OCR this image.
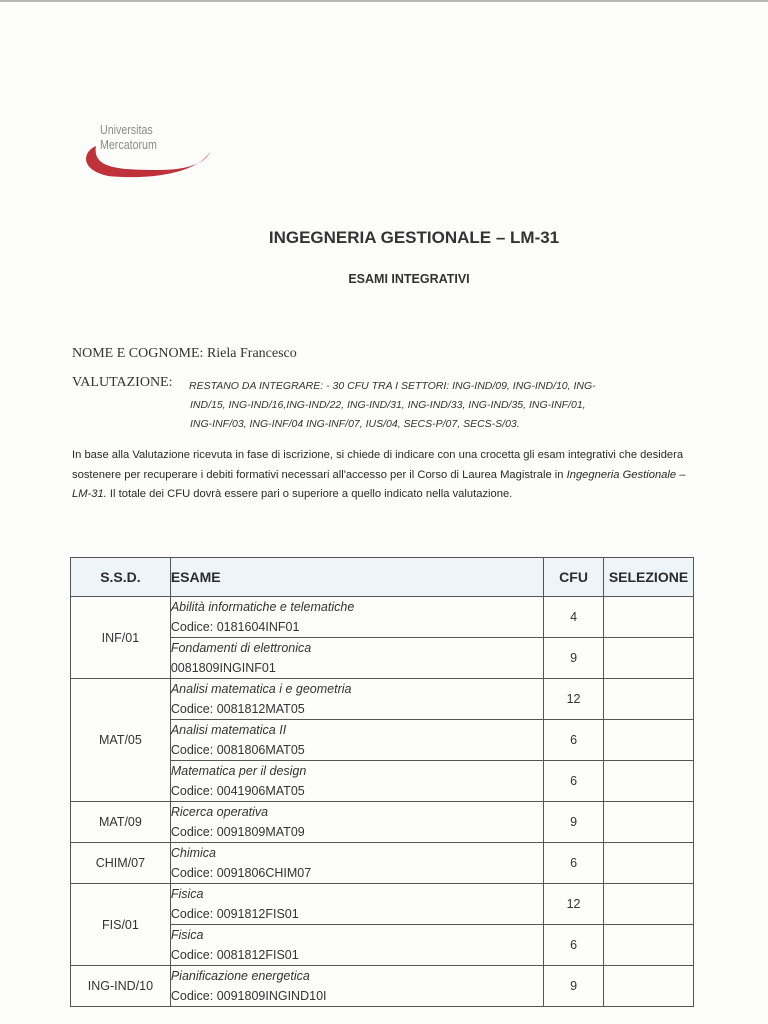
Universitas
Mercatorum
INGEGNERIA GESTIONALE – LM-31
ESAMI INTEGRATIVI
NOME E COGNOME: Riela Francesco
VALUTAZIONE: RESTANO DA INTEGRARE: - 30 CFU TRA I SETTORI: ING-IND/09, ING-IND/10, ING-
IND/15, ING-IND/16,ING-IND/22, ING-IND/31, ING-IND/33, ING-IND/35, ING-INF/01,
ING-INF/03, ING-INF/04 ING-INF/07, IUS/04, SECS-P/07, SECS-S/03.
In base alla Valutazione ricevuta in fase di iscrizione, si chiede di indicare con una crocetta gli esam integrativi che desidera sostenere per recuperare i debiti formativi necessari all'accesso per il Corso di Laurea Magistrale in Ingegneria Gestionale – LM-31. Il totale dei CFU dovrà essere pari o superiore a quello indicato nella valutazione.
S.S.D.	ESAME	CFU	SELEZIONE
INF/01	Abilità informatiche e telematiche
Codice: 0181604INF01	4	

	Fondamenti di elettronica
0081809INGINF01	9	
MAT/05	Analisi matematica i e geometria
Codice: 0081812MAT05	12	

	Analisi matematica II
Codice: 0081806MAT05	6	

	Matematica per il design
Codice: 0041906MAT05	6	
MAT/09	Ricerca operativa
Codice: 0091809MAT09	9	
CHIM/07	Chimica
Codice: 0091806CHIM07	6	
FIS/01	Fisica
Codice: 0091812FIS01	12	

	Fisica
Codice: 0081812FIS01	6	
ING-IND/10	Pianificazione energetica
Codice: 0091809INGIND10I	9	
